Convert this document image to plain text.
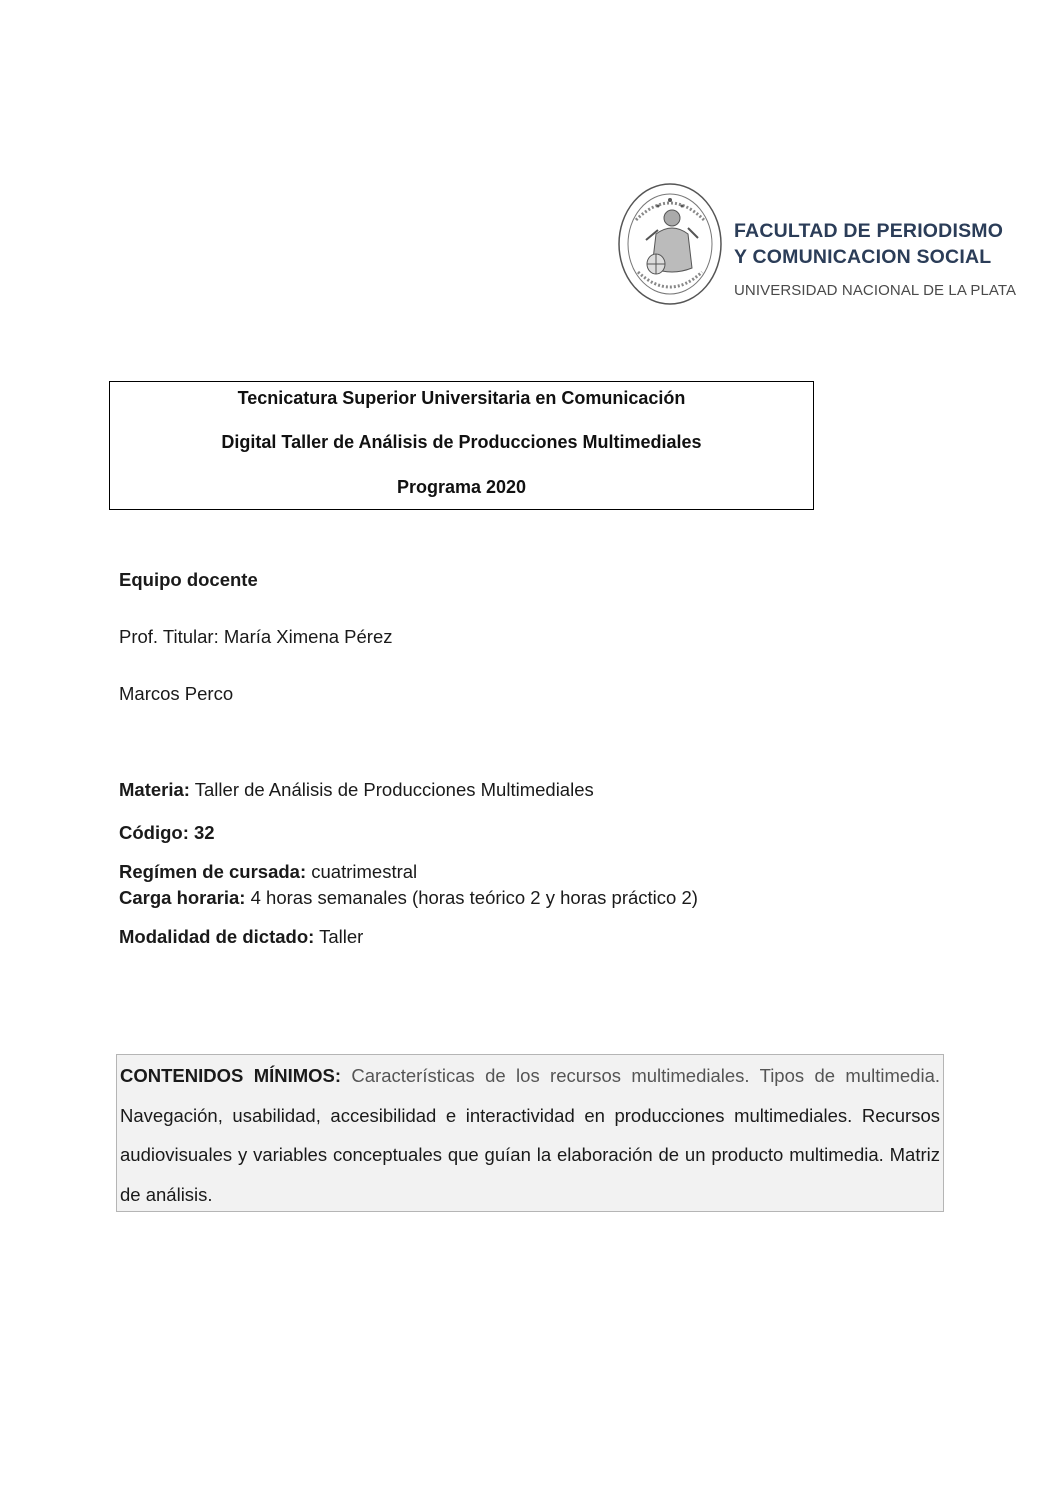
FACULTAD DE PERIODISMO
Y COMUNICACION SOCIAL
UNIVERSIDAD NACIONAL DE LA PLATA
Tecnicatura Superior Universitaria en Comunicación
Digital Taller de Análisis de Producciones Multimediales
Programa 2020
Equipo docente
Prof. Titular: María Ximena Pérez
Marcos Perco
Materia: Taller de Análisis de Producciones Multimediales
Código: 32
Regímen de cursada: cuatrimestral
Carga horaria: 4 horas semanales (horas teórico 2 y horas práctico 2)
Modalidad de dictado: Taller
CONTENIDOS MÍNIMOS: Características de los recursos multimediales. Tipos de multimedia. Navegación, usabilidad, accesibilidad e interactividad en producciones multimediales. Recursos audiovisuales y variables conceptuales que guían la elaboración de un producto multimedia. Matriz de análisis.
